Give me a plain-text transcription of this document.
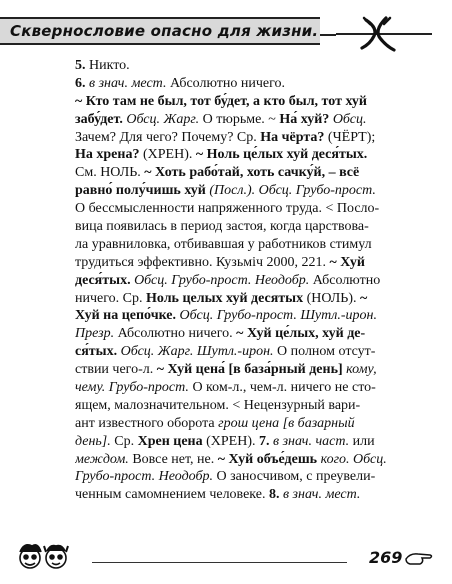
Сквернословие опасно для жизни.
5. Никто.
6. в знач. мест. Абсолютно ничего.
~ Кто там не был, тот бу́дет, а кто был, тот хуй
забу́дет. Обсц. Жарг. О тюрьме. ~ На́ хуй? Обсц.
Зачем? Для чего? Почему? Ср. На чёрта? (ЧЁРТ);
На хрена? (ХРЕН). ~ Ноль це́лых хуй деся́тых.
См. НОЛЬ. ~ Хоть рабо́тай, хоть сачку́й, – всё
равно́ полу́чишь хуй (Посл.). Обсц. Грубо-прост.
О бессмысленности напряженного труда. < Посло-
вица появилась в период застоя, когда царствова-
ла уравниловка, отбивавшая у работников стимул
трудиться эффективно. Кузьмiч 2000, 221. ~ Хуй
деся́тых. Обсц. Грубо-прост. Неодобр. Абсолютно
ничего. Ср. Ноль целых хуй десятых (НОЛЬ). ~
Хуй на цепо́чке. Обсц. Грубо-прост. Шутл.-ирон.
Презр. Абсолютно ничего. ~ Хуй це́лых, хуй де-
ся́тых. Обсц. Жарг. Шутл.-ирон. О полном отсут-
ствии чего-л. ~ Хуй цена́ [в база́рный день] кому,
чему. Грубо-прост. О ком-л., чем-л. ничего не сто-
ящем, малозначительном. < Нецензурный вари-
ант известного оборота грош цена [в базарный
день]. Ср. Хрен цена (ХРЕН). 7. в знач. част. или
междом. Вовсе нет, не. ~ Хуй объе́дешь кого. Обсц.
Грубо-прост. Неодобр. О заносчивом, с преувели-
ченным самомнением человеке. 8. в знач. мест.
269
